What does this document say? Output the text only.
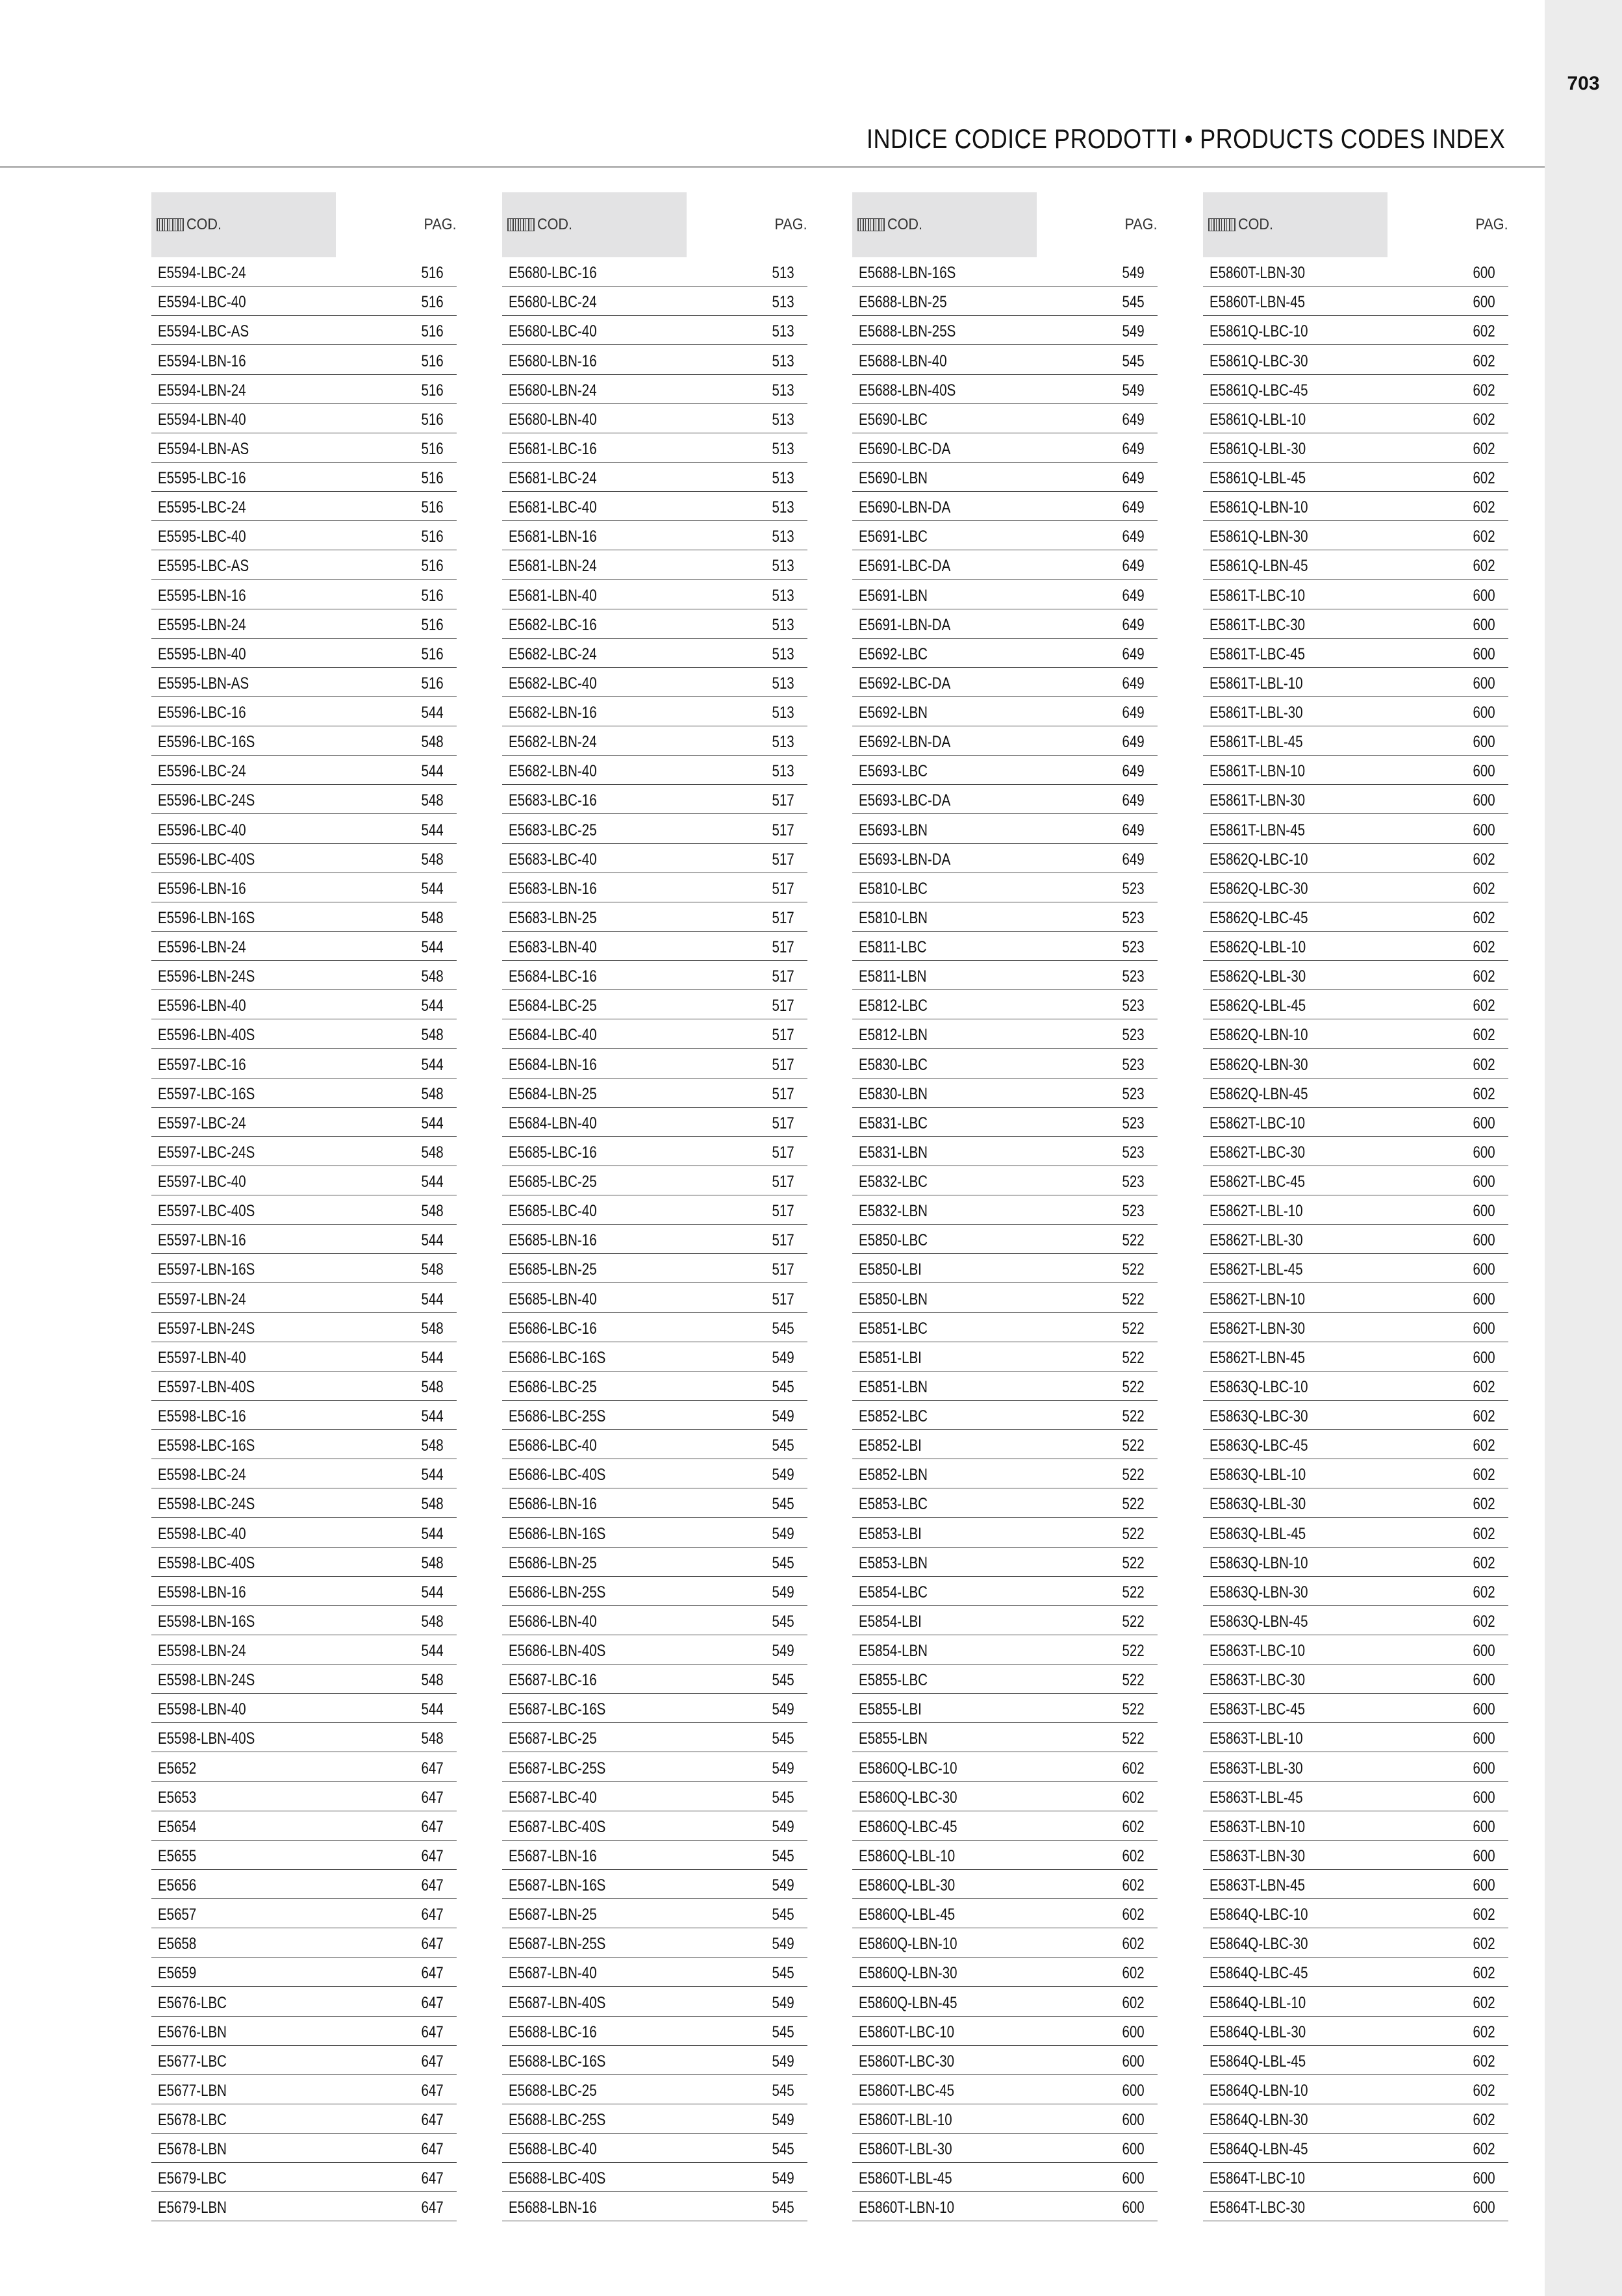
703
INDICE CODICE PRODOTTI • PRODUCTS CODES INDEX
COD.	PAG.
E5594-LBC-24	516
E5594-LBC-40	516
E5594-LBC-AS	516
E5594-LBN-16	516
E5594-LBN-24	516
E5594-LBN-40	516
E5594-LBN-AS	516
E5595-LBC-16	516
E5595-LBC-24	516
E5595-LBC-40	516
E5595-LBC-AS	516
E5595-LBN-16	516
E5595-LBN-24	516
E5595-LBN-40	516
E5595-LBN-AS	516
E5596-LBC-16	544
E5596-LBC-16S	548
E5596-LBC-24	544
E5596-LBC-24S	548
E5596-LBC-40	544
E5596-LBC-40S	548
E5596-LBN-16	544
E5596-LBN-16S	548
E5596-LBN-24	544
E5596-LBN-24S	548
E5596-LBN-40	544
E5596-LBN-40S	548
E5597-LBC-16	544
E5597-LBC-16S	548
E5597-LBC-24	544
E5597-LBC-24S	548
E5597-LBC-40	544
E5597-LBC-40S	548
E5597-LBN-16	544
E5597-LBN-16S	548
E5597-LBN-24	544
E5597-LBN-24S	548
E5597-LBN-40	544
E5597-LBN-40S	548
E5598-LBC-16	544
E5598-LBC-16S	548
E5598-LBC-24	544
E5598-LBC-24S	548
E5598-LBC-40	544
E5598-LBC-40S	548
E5598-LBN-16	544
E5598-LBN-16S	548
E5598-LBN-24	544
E5598-LBN-24S	548
E5598-LBN-40	544
E5598-LBN-40S	548
E5652	647
E5653	647
E5654	647
E5655	647
E5656	647
E5657	647
E5658	647
E5659	647
E5676-LBC	647
E5676-LBN	647
E5677-LBC	647
E5677-LBN	647
E5678-LBC	647
E5678-LBN	647
E5679-LBC	647
E5679-LBN	647
COD.	PAG.
E5680-LBC-16	513
E5680-LBC-24	513
E5680-LBC-40	513
E5680-LBN-16	513
E5680-LBN-24	513
E5680-LBN-40	513
E5681-LBC-16	513
E5681-LBC-24	513
E5681-LBC-40	513
E5681-LBN-16	513
E5681-LBN-24	513
E5681-LBN-40	513
E5682-LBC-16	513
E5682-LBC-24	513
E5682-LBC-40	513
E5682-LBN-16	513
E5682-LBN-24	513
E5682-LBN-40	513
E5683-LBC-16	517
E5683-LBC-25	517
E5683-LBC-40	517
E5683-LBN-16	517
E5683-LBN-25	517
E5683-LBN-40	517
E5684-LBC-16	517
E5684-LBC-25	517
E5684-LBC-40	517
E5684-LBN-16	517
E5684-LBN-25	517
E5684-LBN-40	517
E5685-LBC-16	517
E5685-LBC-25	517
E5685-LBC-40	517
E5685-LBN-16	517
E5685-LBN-25	517
E5685-LBN-40	517
E5686-LBC-16	545
E5686-LBC-16S	549
E5686-LBC-25	545
E5686-LBC-25S	549
E5686-LBC-40	545
E5686-LBC-40S	549
E5686-LBN-16	545
E5686-LBN-16S	549
E5686-LBN-25	545
E5686-LBN-25S	549
E5686-LBN-40	545
E5686-LBN-40S	549
E5687-LBC-16	545
E5687-LBC-16S	549
E5687-LBC-25	545
E5687-LBC-25S	549
E5687-LBC-40	545
E5687-LBC-40S	549
E5687-LBN-16	545
E5687-LBN-16S	549
E5687-LBN-25	545
E5687-LBN-25S	549
E5687-LBN-40	545
E5687-LBN-40S	549
E5688-LBC-16	545
E5688-LBC-16S	549
E5688-LBC-25	545
E5688-LBC-25S	549
E5688-LBC-40	545
E5688-LBC-40S	549
E5688-LBN-16	545
COD.	PAG.
E5688-LBN-16S	549
E5688-LBN-25	545
E5688-LBN-25S	549
E5688-LBN-40	545
E5688-LBN-40S	549
E5690-LBC	649
E5690-LBC-DA	649
E5690-LBN	649
E5690-LBN-DA	649
E5691-LBC	649
E5691-LBC-DA	649
E5691-LBN	649
E5691-LBN-DA	649
E5692-LBC	649
E5692-LBC-DA	649
E5692-LBN	649
E5692-LBN-DA	649
E5693-LBC	649
E5693-LBC-DA	649
E5693-LBN	649
E5693-LBN-DA	649
E5810-LBC	523
E5810-LBN	523
E5811-LBC	523
E5811-LBN	523
E5812-LBC	523
E5812-LBN	523
E5830-LBC	523
E5830-LBN	523
E5831-LBC	523
E5831-LBN	523
E5832-LBC	523
E5832-LBN	523
E5850-LBC	522
E5850-LBI	522
E5850-LBN	522
E5851-LBC	522
E5851-LBI	522
E5851-LBN	522
E5852-LBC	522
E5852-LBI	522
E5852-LBN	522
E5853-LBC	522
E5853-LBI	522
E5853-LBN	522
E5854-LBC	522
E5854-LBI	522
E5854-LBN	522
E5855-LBC	522
E5855-LBI	522
E5855-LBN	522
E5860Q-LBC-10	602
E5860Q-LBC-30	602
E5860Q-LBC-45	602
E5860Q-LBL-10	602
E5860Q-LBL-30	602
E5860Q-LBL-45	602
E5860Q-LBN-10	602
E5860Q-LBN-30	602
E5860Q-LBN-45	602
E5860T-LBC-10	600
E5860T-LBC-30	600
E5860T-LBC-45	600
E5860T-LBL-10	600
E5860T-LBL-30	600
E5860T-LBL-45	600
E5860T-LBN-10	600
COD.	PAG.
E5860T-LBN-30	600
E5860T-LBN-45	600
E5861Q-LBC-10	602
E5861Q-LBC-30	602
E5861Q-LBC-45	602
E5861Q-LBL-10	602
E5861Q-LBL-30	602
E5861Q-LBL-45	602
E5861Q-LBN-10	602
E5861Q-LBN-30	602
E5861Q-LBN-45	602
E5861T-LBC-10	600
E5861T-LBC-30	600
E5861T-LBC-45	600
E5861T-LBL-10	600
E5861T-LBL-30	600
E5861T-LBL-45	600
E5861T-LBN-10	600
E5861T-LBN-30	600
E5861T-LBN-45	600
E5862Q-LBC-10	602
E5862Q-LBC-30	602
E5862Q-LBC-45	602
E5862Q-LBL-10	602
E5862Q-LBL-30	602
E5862Q-LBL-45	602
E5862Q-LBN-10	602
E5862Q-LBN-30	602
E5862Q-LBN-45	602
E5862T-LBC-10	600
E5862T-LBC-30	600
E5862T-LBC-45	600
E5862T-LBL-10	600
E5862T-LBL-30	600
E5862T-LBL-45	600
E5862T-LBN-10	600
E5862T-LBN-30	600
E5862T-LBN-45	600
E5863Q-LBC-10	602
E5863Q-LBC-30	602
E5863Q-LBC-45	602
E5863Q-LBL-10	602
E5863Q-LBL-30	602
E5863Q-LBL-45	602
E5863Q-LBN-10	602
E5863Q-LBN-30	602
E5863Q-LBN-45	602
E5863T-LBC-10	600
E5863T-LBC-30	600
E5863T-LBC-45	600
E5863T-LBL-10	600
E5863T-LBL-30	600
E5863T-LBL-45	600
E5863T-LBN-10	600
E5863T-LBN-30	600
E5863T-LBN-45	600
E5864Q-LBC-10	602
E5864Q-LBC-30	602
E5864Q-LBC-45	602
E5864Q-LBL-10	602
E5864Q-LBL-30	602
E5864Q-LBL-45	602
E5864Q-LBN-10	602
E5864Q-LBN-30	602
E5864Q-LBN-45	602
E5864T-LBC-10	600
E5864T-LBC-30	600
